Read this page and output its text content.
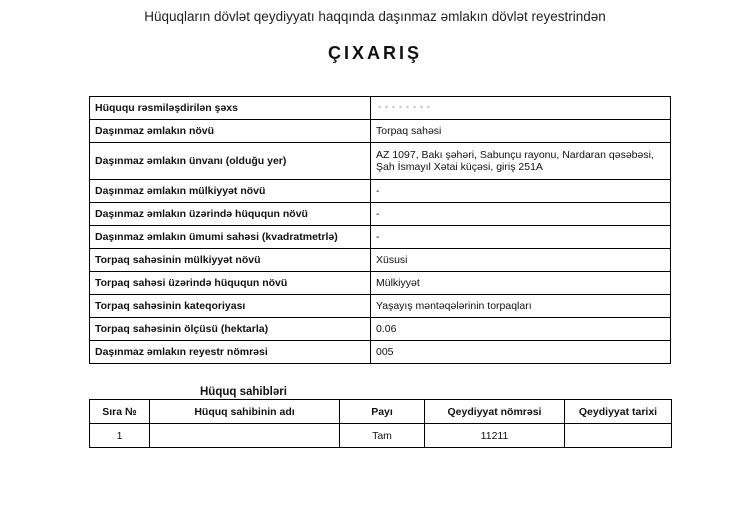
Hüquqların dövlət qeydiyyatı haqqında daşınmaz əmlakın dövlət reyestrindən
ÇIXARIŞ
Hüququ rəsmiləşdirilən şəxs	
Daşınmaz əmlakın növü	Torpaq sahəsi
Daşınmaz əmlakın ünvanı (olduğu yer)	AZ 1097, Bakı şəhəri, Sabunçu rayonu, Nardaran qəsəbəsi, Şah İsmayıl Xətai küçəsi, giriş 251A
Daşınmaz əmlakın mülkiyyət növü	-
Daşınmaz əmlakın üzərində hüququn növü	-
Daşınmaz əmlakın ümumi sahəsi (kvadratmetrlə)	-
Torpaq sahəsinin mülkiyyət növü	Xüsusi
Torpaq sahəsi üzərində hüququn növü	Mülkiyyət
Torpaq sahəsinin kateqoriyası	Yaşayış məntəqələrinin torpaqları
Torpaq sahəsinin ölçüsü (hektarla)	0.06
Daşınmaz əmlakın reyestr nömrəsi	005
Hüquq sahibləri
Sıra №	Hüquq sahibinin adı	Payı	Qeydiyyat nömrəsi	Qeydiyyat tarixi
1		Tam	11211	
